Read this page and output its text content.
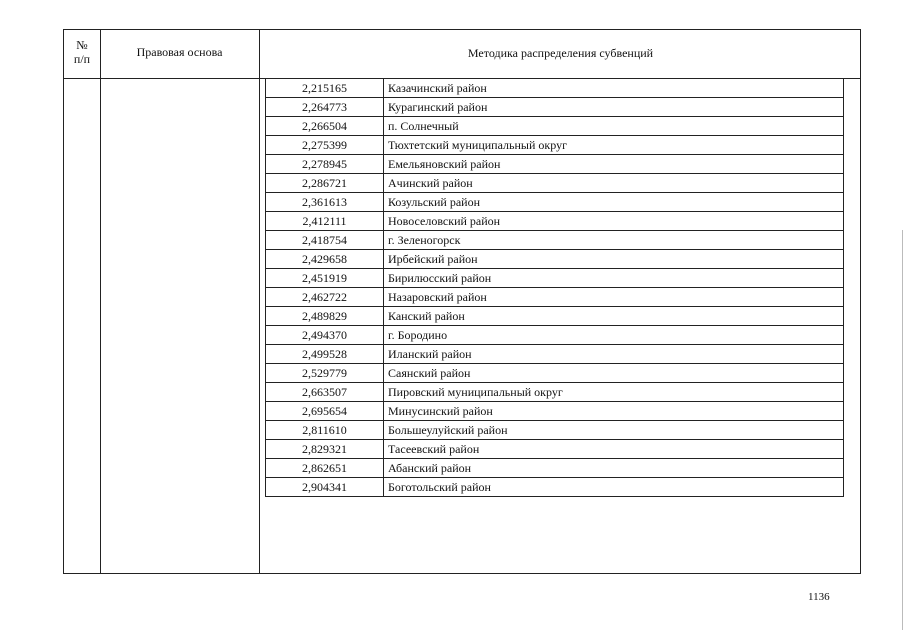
№
п/п	Правовая основа	Методика распределения субвенций
2,215165	Казачинский район
2,264773	Курагинский район
2,266504	п. Солнечный
2,275399	Тюхтетский муниципальный округ
2,278945	Емельяновский район
2,286721	Ачинский район
2,361613	Козульский район
2,412111	Новоселовский район
2,418754	г. Зеленогорск
2,429658	Ирбейский район
2,451919	Бирилюсский район
2,462722	Назаровский район
2,489829	Канский район
2,494370	г. Бородино
2,499528	Иланский район
2,529779	Саянский район
2,663507	Пировский муниципальный округ
2,695654	Минусинский район
2,811610	Большеулуйский район
2,829321	Тасеевский район
2,862651	Абанский район
2,904341	Боготольский район
1136
